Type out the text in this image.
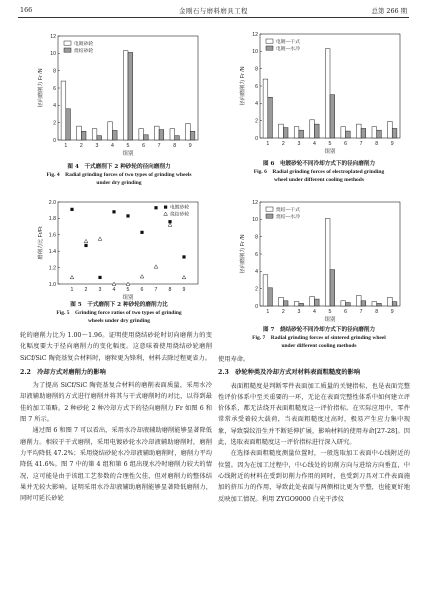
166	金刚石与磨料磨具工程	总第 266 期
0
2
4
6
8
10
12
径向磨削力 Fr /N
组别
1 2 3 4 5 6 7 8 9
电镀砂轮
烧结砂轮
图 4　干式磨削下 2 种砂轮的径向磨削力
Fig. 4　Radial grinding forces of two types of grinding wheels
under dry grinding
1.0
1.2
1.4
1.6
1.8
2.0
磨削力比 Fr/Ft
组别
1 2 3 4 5 6 7 8 9
电镀砂轮
烧结砂轮
图 5　干式磨削下 2 种砂轮的磨削力比
Fig. 5　Grinding force ratios of two types of grinding
wheels under dry grinding
0
2
4
6
8
10
12
径向磨削力 Fr /N
组别
1 2 3 4 5 6 7 8 9
电镀—干式
电镀—水冷
图 6　电镀砂轮不同冷却方式下的径向磨削力
Fig. 6　Radial grinding forces of electroplated grinding
wheel under different cooling methods
0
2
4
6
8
10
12
径向磨削力 Fr /N
组别
1 2 3 4 5 6 7 8 9
烧结—干式
烧结—水冷
图 7　烧结砂轮不同冷却方式下的径向磨削力
Fig. 7　Radial grinding forces of sintered grinding wheel
under different cooling methods

轮的磨削力比为 1.00～1.96。证明使用烧结砂轮时切向磨削力的变化幅度要大于径向磨削力的变化幅度。这意味着使用烧结砂轮磨削 SiCf/SiC 陶瓷基复合材料时，磨粒更为锋利，材料去除过程更省力。

2.2　冷却方式对磨削力的影响

为了提高 SiCf/SiC 陶瓷基复合材料的磨削表面质量，采用水冷却液辅助磨削的方式进行磨削并将其与干式磨削时的对比，以得到最佳的加工策略。2 种砂轮 2 种冷却方式下的径向磨削力 Fr 如图 6 和图 7 所示。

通过图 6 和图 7 可以看出，采用水冷却液辅助磨削能够显著降低磨削力。相较于干式磨削，采用电镀砂轮水冷却液辅助磨削时，磨削力平均降低 47.2%；采用烧结砂轮水冷却液辅助磨削时，磨削力平均降低 41.6%。图 7 中的第 4 组和第 6 组出现水冷时磨削力较大的情况，这可能是由于该组工艺参数的合理性欠佳，但对磨削力的整体结果并无较大影响。证明采用水冷却液辅助磨削能够显著降低磨削力，同时可延长砂轮

使用寿命。

2.3　砂轮种类及冷却方式对材料表面粗糙度的影响

表面粗糙度是判断零件表面加工质量的关键指标，也是表面完整性评价体系中至关重要的一环，无论在表面完整性体系中如何建立评价体系，都无法绕开表面粗糙度这一评价指标。在实际应用中，零件常常承受着较大载荷，当表面粗糙度过高时，极易产生应力集中现象，导致裂纹沿生并不断延伸扩展，影响材料的使用寿命[27-28]。因此，选取表面粗糙度这一评价指标进行深入研究。

在选择表面粗糙度测量位置时，一般选取加工表面中心线附近的位置。因为在加工过程中，中心线处的切削方向与进给方向垂直，中心线附近的材料在受到切削力作用的同时，也受到刀具对工件表面施加的挤压力的作用，导致此处表面与两侧相比更为平整，也能更好地反映加工情况。利用 ZYGO9000 白光干涉仪
